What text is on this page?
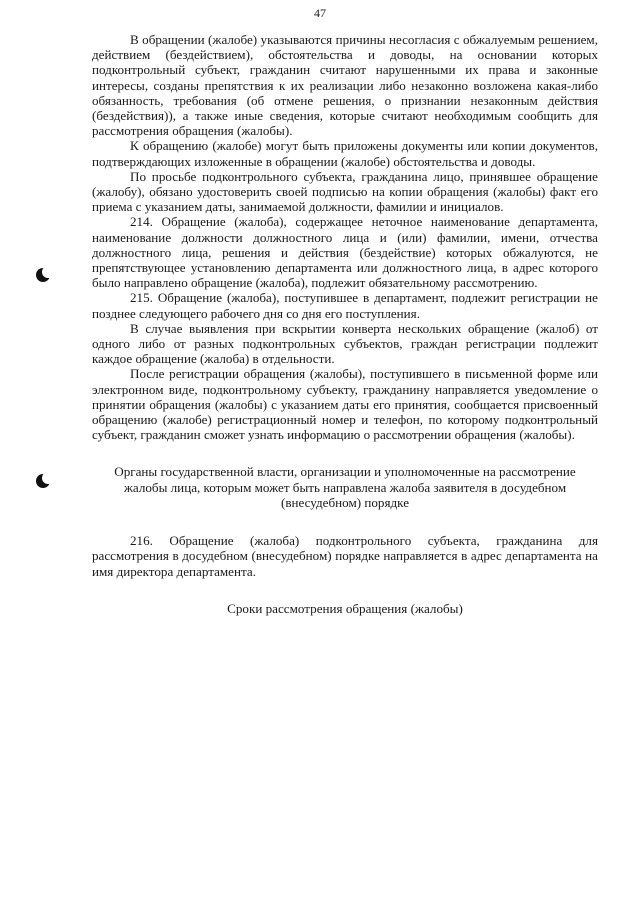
47

В обращении (жалобе) указываются причины несогласия с обжалуемым решением, действием (бездействием), обстоятельства и доводы, на основании которых подконтрольный субъект, гражданин считают нарушенными их права и законные интересы, созданы препятствия к их реализации либо незаконно возложена какая-либо обязанность, требования (об отмене решения, о признании незаконным действия (бездействия)), а также иные сведения, которые считают необходимым сообщить для рассмотрения обращения (жалобы).

К обращению (жалобе) могут быть приложены документы или копии документов, подтверждающих изложенные в обращении (жалобе) обстоятельства и доводы.

По просьбе подконтрольного субъекта, гражданина лицо, принявшее обращение (жалобу), обязано удостоверить своей подписью на копии обращения (жалобы) факт его приема с указанием даты, занимаемой должности, фамилии и инициалов.

214. Обращение (жалоба), содержащее неточное наименование департамента, наименование должности должностного лица и (или) фамилии, имени, отчества должностного лица, решения и действия (бездействие) которых обжалуются, не препятствующее установлению департамента или должностного лица, в адрес которого было направлено обращение (жалоба), подлежит обязательному рассмотрению.

215. Обращение (жалоба), поступившее в департамент, подлежит регистрации не позднее следующего рабочего дня со дня его поступления.

В случае выявления при вскрытии конверта нескольких обращение (жалоб) от одного либо от разных подконтрольных субъектов, граждан регистрации подлежит каждое обращение (жалоба) в отдельности.

После регистрации обращения (жалобы), поступившего в письменной форме или электронном виде, подконтрольному субъекту, гражданину направляется уведомление о принятии обращения (жалобы) с указанием даты его принятия, сообщается присвоенный обращению (жалобе) регистрационный номер и телефон, по которому подконтрольный субъект, гражданин сможет узнать информацию о рассмотрении обращения (жалобы).

Органы государственной власти, организации и уполномоченные на рассмотрение жалобы лица, которым может быть направлена жалоба заявителя в досудебном (внесудебном) порядке

216. Обращение (жалоба) подконтрольного субъекта, гражданина для рассмотрения в досудебном (внесудебном) порядке направляется в адрес департамента на имя директора департамента.

Сроки рассмотрения обращения (жалобы)
